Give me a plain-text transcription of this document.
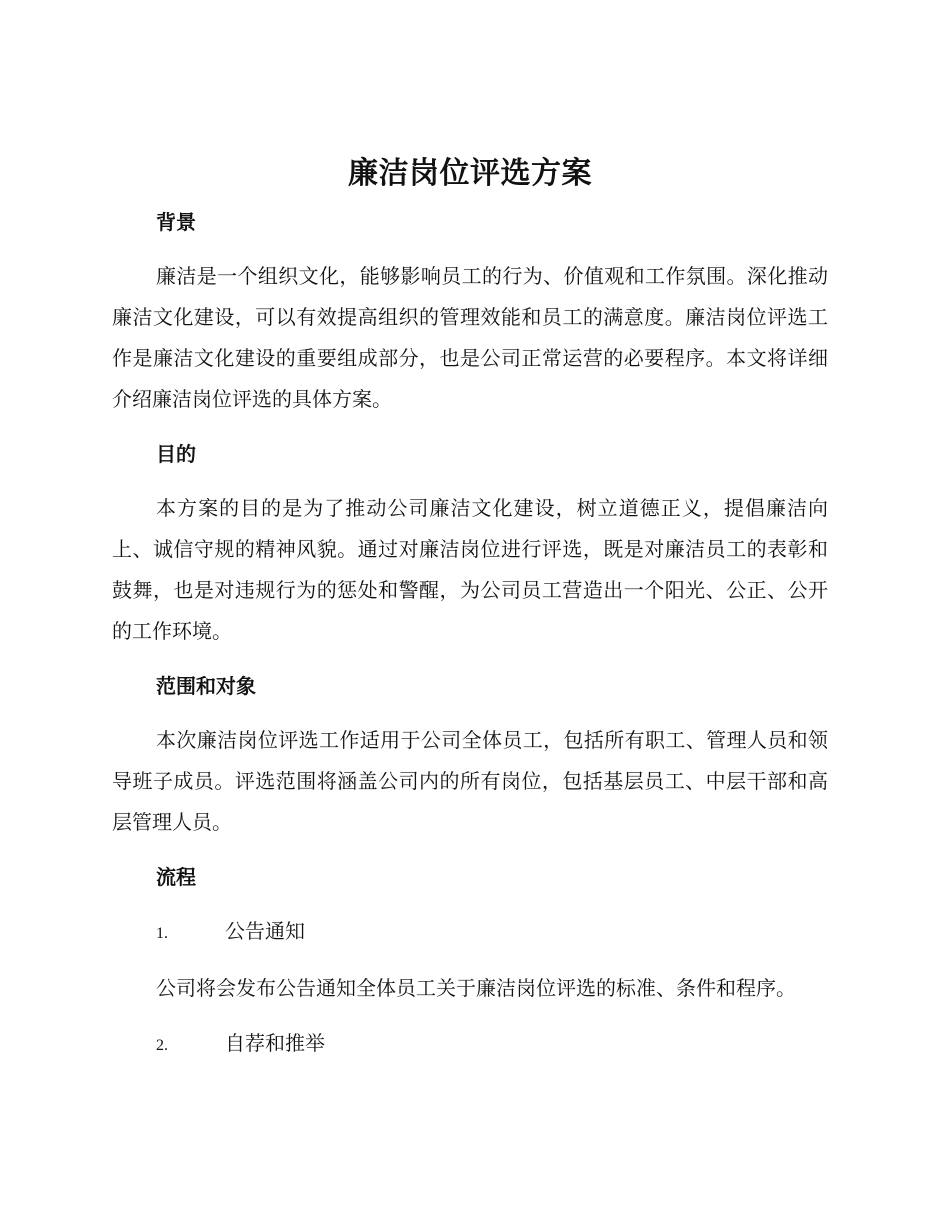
廉洁岗位评选方案
背景

廉洁是一个组织文化，能够影响员工的行为、价值观和工作氛围。深化推动廉洁文化建设，可以有效提高组织的管理效能和员工的满意度。廉洁岗位评选工作是廉洁文化建设的重要组成部分，也是公司正常运营的必要程序。本文将详细介绍廉洁岗位评选的具体方案。

目的

本方案的目的是为了推动公司廉洁文化建设，树立道德正义，提倡廉洁向上、诚信守规的精神风貌。通过对廉洁岗位进行评选，既是对廉洁员工的表彰和鼓舞，也是对违规行为的惩处和警醒，为公司员工营造出一个阳光、公正、公开的工作环境。

范围和对象

本次廉洁岗位评选工作适用于公司全体员工，包括所有职工、管理人员和领导班子成员。评选范围将涵盖公司内的所有岗位，包括基层员工、中层干部和高层管理人员。

流程
1.	公告通知

公司将会发布公告通知全体员工关于廉洁岗位评选的标准、条件和程序。

2.	自荐和推举
